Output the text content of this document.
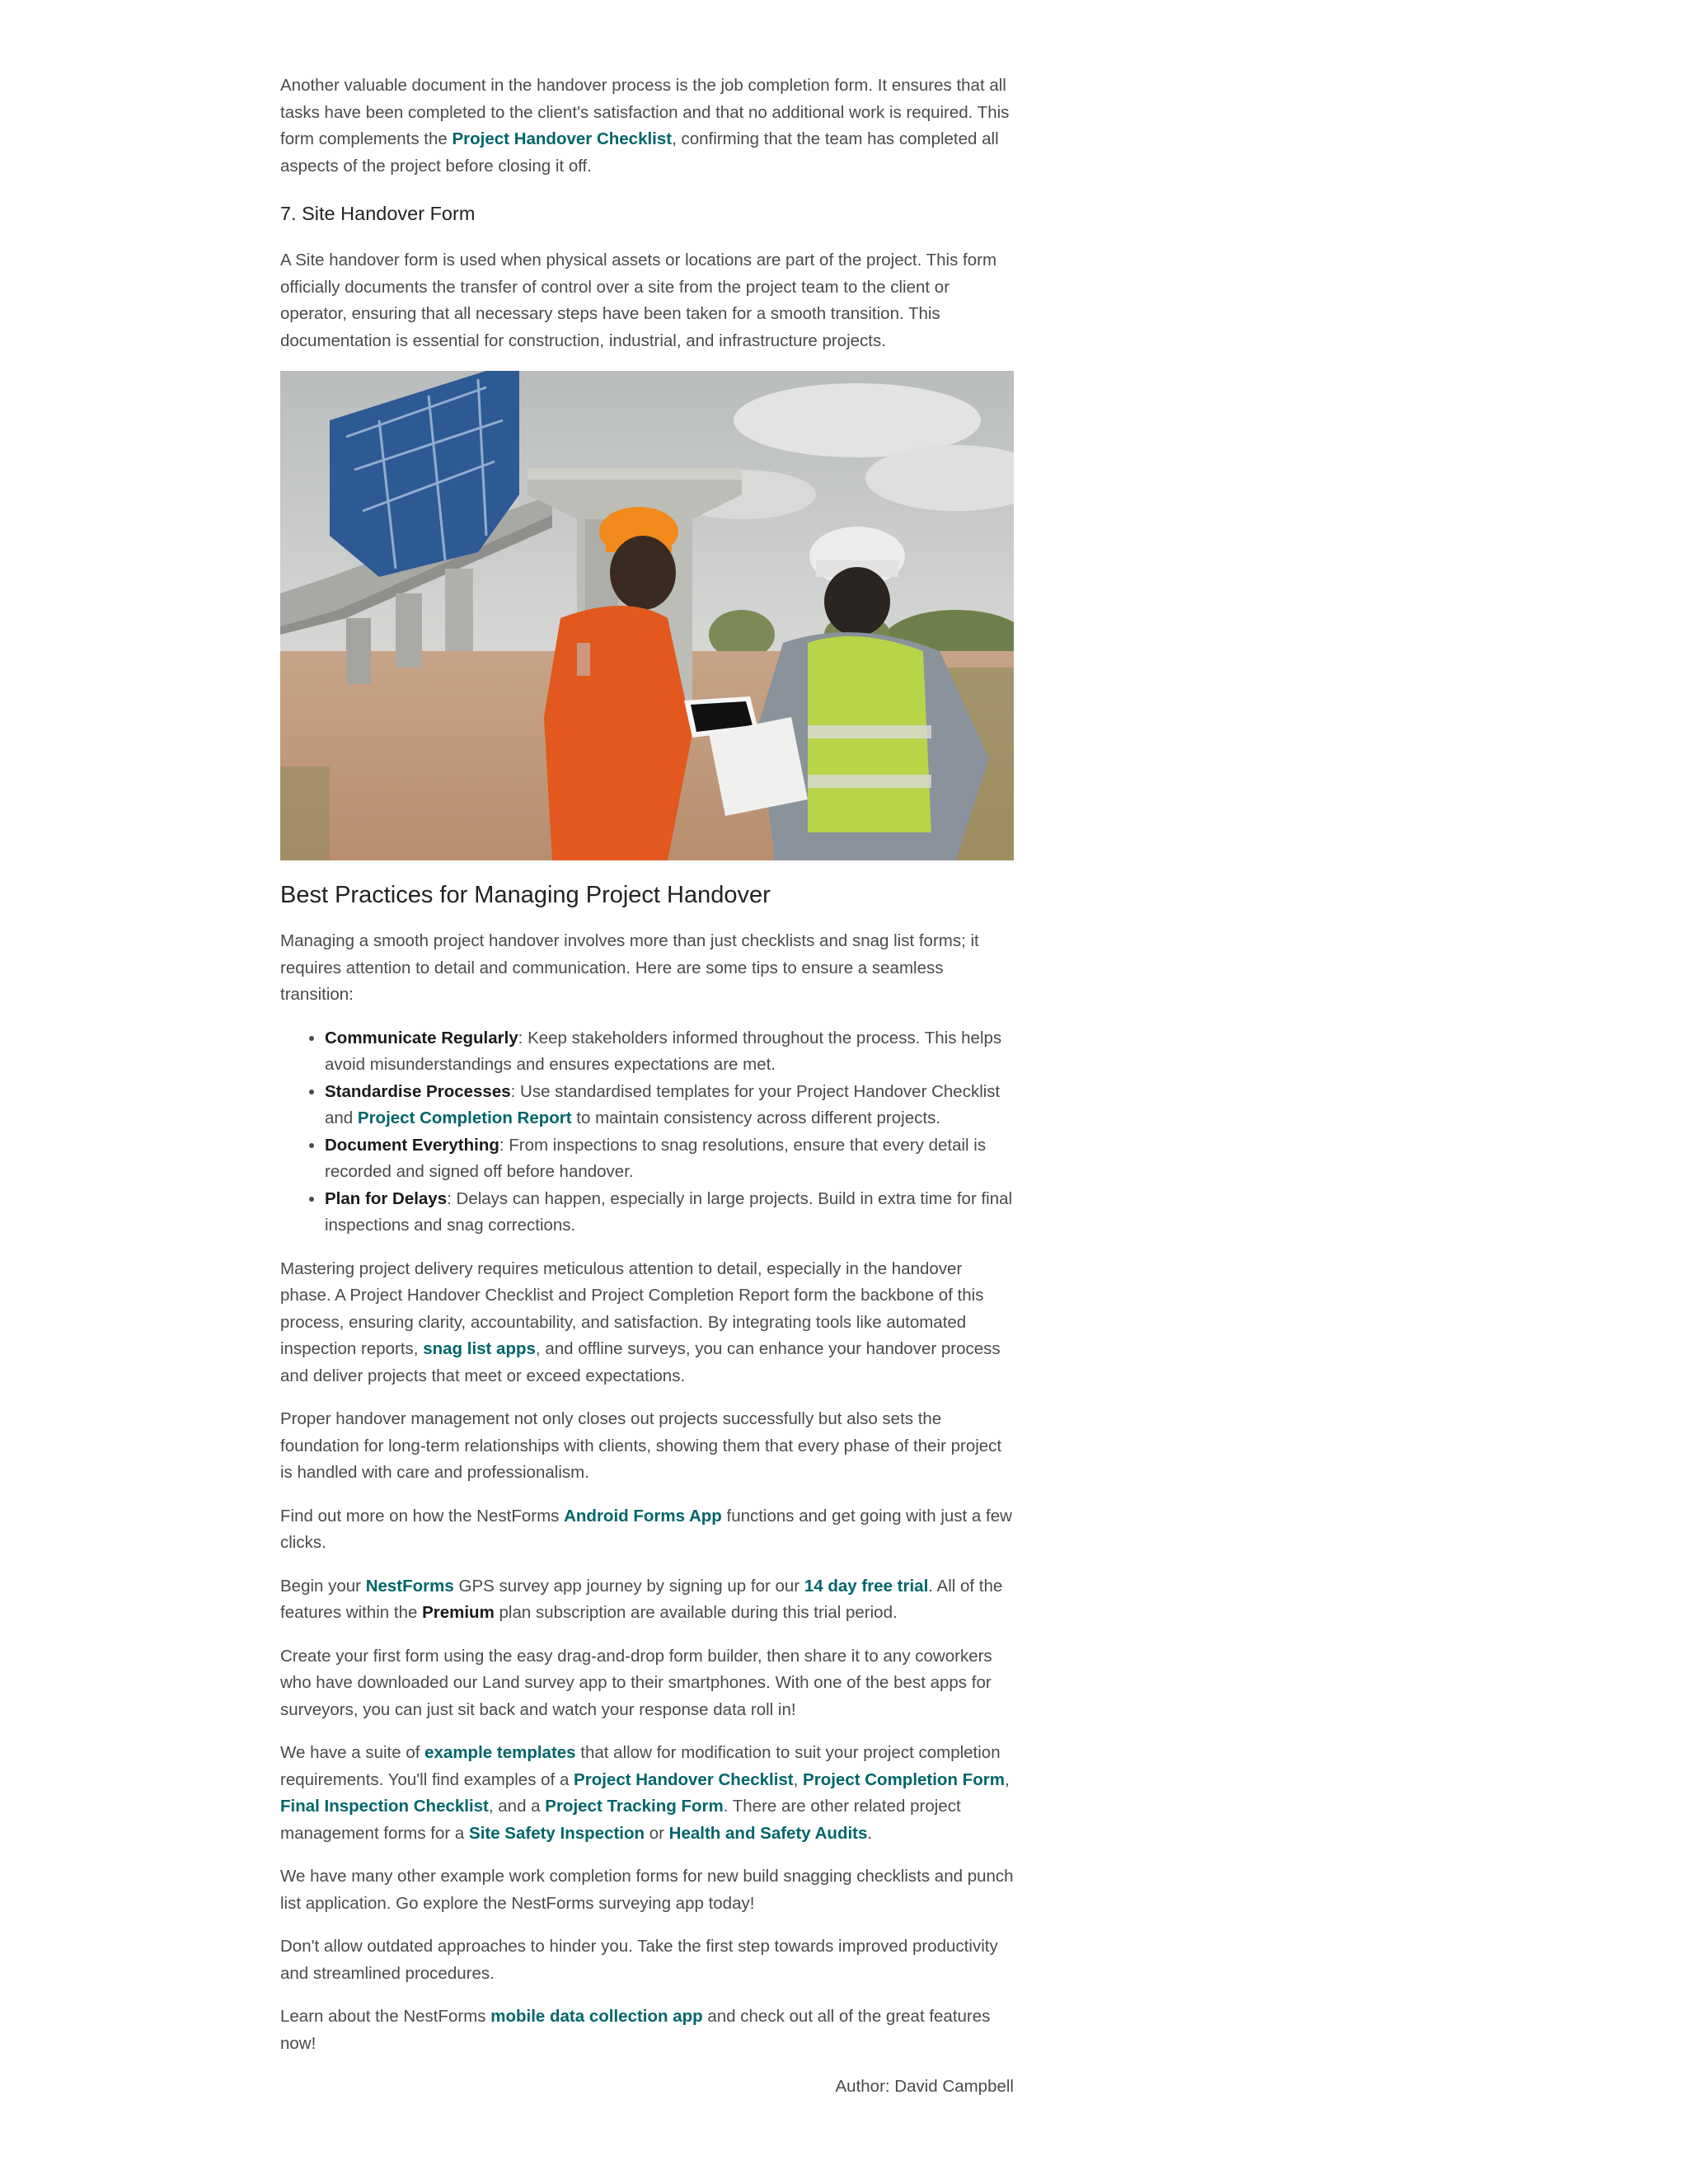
Another valuable document in the handover process is the job completion form. It ensures that all tasks have been completed to the client's satisfaction and that no additional work is required. This form complements the Project Handover Checklist, confirming that the team has completed all aspects of the project before closing it off.

7. Site Handover Form

A Site handover form is used when physical assets or locations are part of the project. This form officially documents the transfer of control over a site from the project team to the client or operator, ensuring that all necessary steps have been taken for a smooth transition. This documentation is essential for construction, industrial, and infrastructure projects.

Best Practices for Managing Project Handover

Managing a smooth project handover involves more than just checklists and snag list forms; it requires attention to detail and communication. Here are some tips to ensure a seamless transition:

• Communicate Regularly: Keep stakeholders informed throughout the process. This helps avoid misunderstandings and ensures expectations are met.
• Standardise Processes: Use standardised templates for your Project Handover Checklist and Project Completion Report to maintain consistency across different projects.
• Document Everything: From inspections to snag resolutions, ensure that every detail is recorded and signed off before handover.
• Plan for Delays: Delays can happen, especially in large projects. Build in extra time for final inspections and snag corrections.

Mastering project delivery requires meticulous attention to detail, especially in the handover phase. A Project Handover Checklist and Project Completion Report form the backbone of this process, ensuring clarity, accountability, and satisfaction. By integrating tools like automated inspection reports, snag list apps, and offline surveys, you can enhance your handover process and deliver projects that meet or exceed expectations.

Proper handover management not only closes out projects successfully but also sets the foundation for long-term relationships with clients, showing them that every phase of their project is handled with care and professionalism.

Find out more on how the NestForms Android Forms App functions and get going with just a few clicks.

Begin your NestForms GPS survey app journey by signing up for our 14 day free trial. All of the features within the Premium plan subscription are available during this trial period.

Create your first form using the easy drag-and-drop form builder, then share it to any coworkers who have downloaded our Land survey app to their smartphones. With one of the best apps for surveyors, you can just sit back and watch your response data roll in!

We have a suite of example templates that allow for modification to suit your project completion requirements. You'll find examples of a Project Handover Checklist, Project Completion Form, Final Inspection Checklist, and a Project Tracking Form. There are other related project management forms for a Site Safety Inspection or Health and Safety Audits.

We have many other example work completion forms for new build snagging checklists and punch list application. Go explore the NestForms surveying app today!

Don't allow outdated approaches to hinder you. Take the first step towards improved productivity and streamlined procedures.

Learn about the NestForms mobile data collection app and check out all of the great features now!

Author: David Campbell
